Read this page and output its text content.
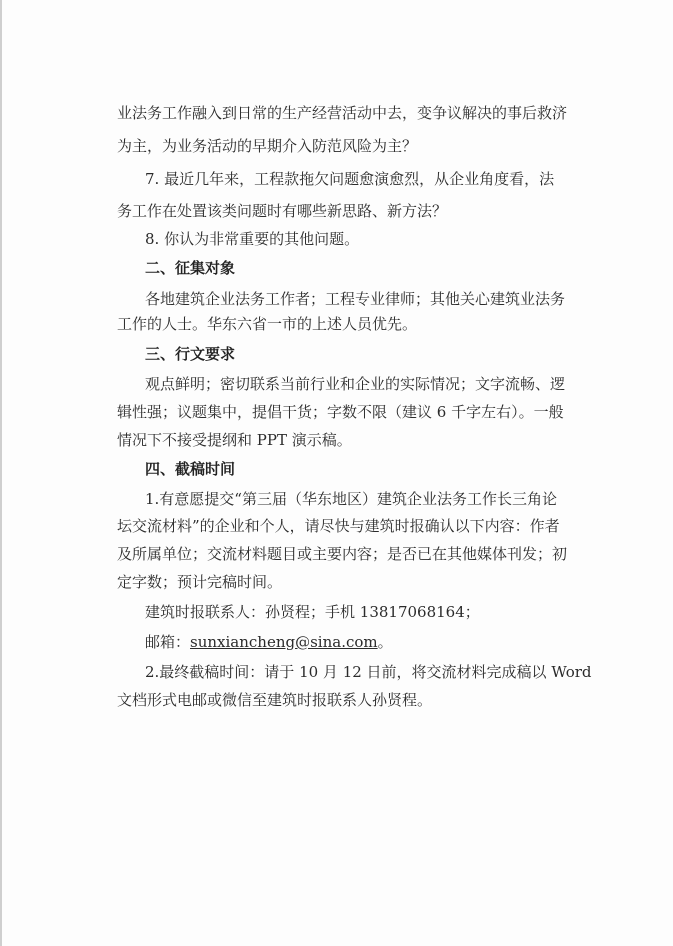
业法务工作融入到日常的生产经营活动中去，变争议解决的事后救济
为主，为业务活动的早期介入防范风险为主？
7. 最近几年来，工程款拖欠问题愈演愈烈，从企业角度看，法
务工作在处置该类问题时有哪些新思路、新方法？
8. 你认为非常重要的其他问题。
二、征集对象
各地建筑企业法务工作者；工程专业律师；其他关心建筑业法务
工作的人士。华东六省一市的上述人员优先。
三、行文要求
观点鲜明；密切联系当前行业和企业的实际情况；文字流畅、逻
辑性强；议题集中，提倡干货；字数不限（建议 6 千字左右）。一般
情况下不接受提纲和 PPT 演示稿。
四、截稿时间
1.有意愿提交“第三届（华东地区）建筑企业法务工作长三角论
坛交流材料”的企业和个人，请尽快与建筑时报确认以下内容：作者
及所属单位；交流材料题目或主要内容；是否已在其他媒体刊发；初
定字数；预计完稿时间。
建筑时报联系人：孙贤程；手机 13817068164；
邮箱：sunxiancheng@sina.com。
2.最终截稿时间：请于 10 月 12 日前，将交流材料完成稿以 Word
文档形式电邮或微信至建筑时报联系人孙贤程。
